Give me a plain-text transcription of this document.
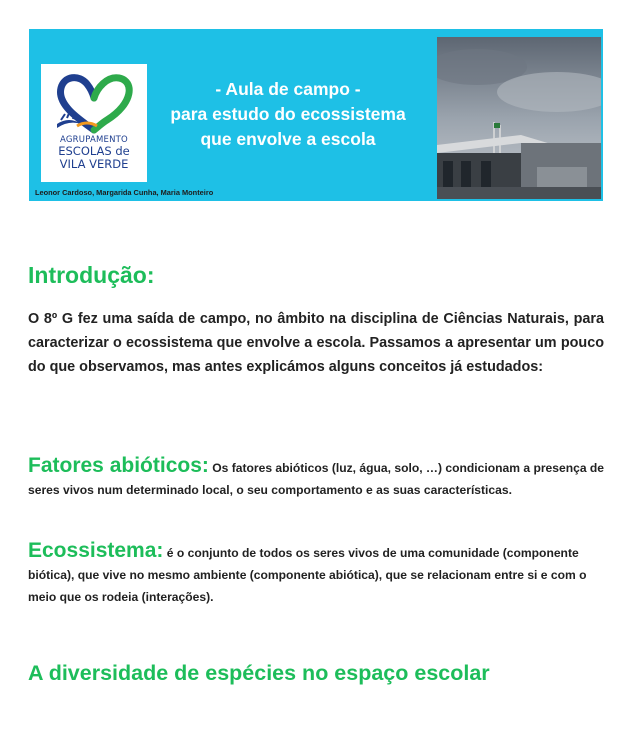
AGRUPAMENTO
ESCOLAS de
VILA VERDE
- Aula de campo -
para estudo do ecossistema
que envolve a escola
Leonor Cardoso, Margarida Cunha, Maria Monteiro
Introdução:

O 8º G fez uma saída de campo, no âmbito na disciplina de Ciências Naturais, para caracterizar o ecossistema que envolve a escola. Passamos a apresentar um pouco do que observamos, mas antes explicámos alguns conceitos já estudados:

Fatores abióticos: Os fatores abióticos (luz, água, solo, …) condicionam a presença de seres vivos num determinado local, o seu comportamento e as suas características.

Ecossistema: é o conjunto de todos os seres vivos de uma comunidade (componente biótica), que vive no mesmo ambiente (componente abiótica), que se relacionam entre si e com o meio que os rodeia (interações).

A diversidade de espécies no espaço escolar
